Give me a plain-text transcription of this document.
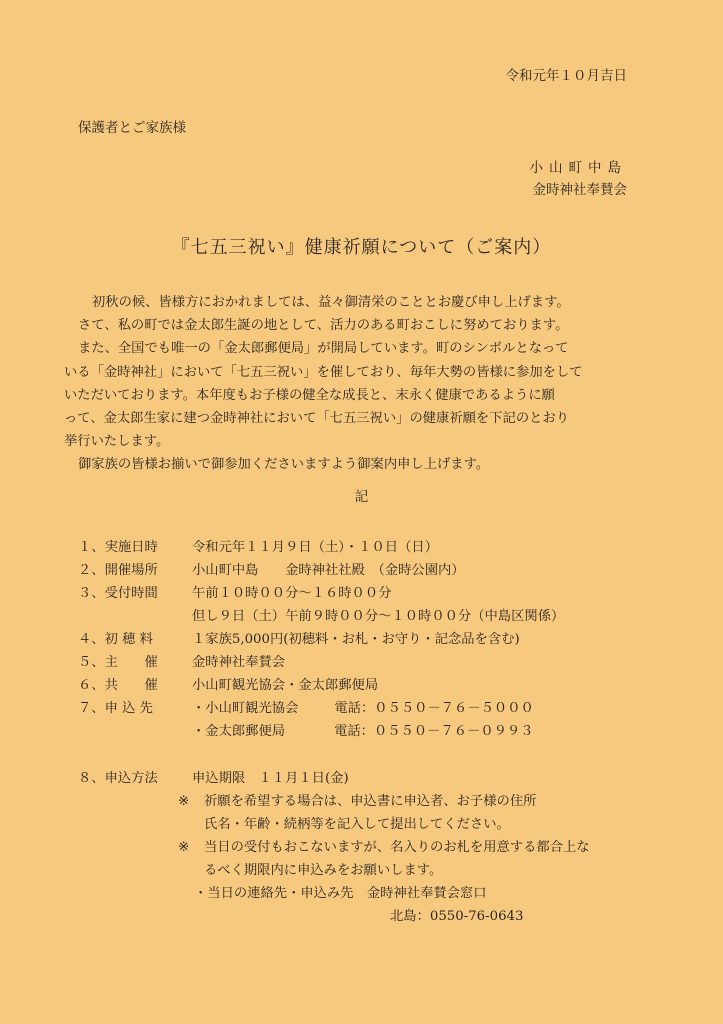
令和元年１０月吉日
保護者とご家族様
小山町中島
金時神社奉賛会
『七五三祝い』健康祈願について（ご案内）

初秋の候、皆様方におかれましては、益々御清栄のこととお慶び申し上げます。

さて、私の町では金太郎生誕の地として、活力のある町おこしに努めております。

また、全国でも唯一の「金太郎郵便局」が開局しています。町のシンボルとなって

いる「金時神社」において「七五三祝い」を催しており、毎年大勢の皆様に参加をして

いただいております。本年度もお子様の健全な成長と、末永く健康であるように願

って、金太郎生家に建つ金時神社において「七五三祝い」の健康祈願を下記のとおり

挙行いたします。

御家族の皆様お揃いで御参加くださいますよう御案内申し上げます。

記
１、実施日時	令和元年１１月９日（土）・１０日（日）
２、開催場所	小山町中島　　金時神社社殿　（金時公園内）
３、受付時間	午前１０時００分～１６時００分
但し９日（土）午前９時００分～１０時００分（中島区関係）
４、初 穂 料	１家族5,000円(初穂料・お札・お守り・記念品を含む)
５、主　　催	金時神社奉賛会
６、共　　催	小山町観光協会・金太郎郵便局
７、申 込 先	・小山町観光協会	電話：０５５０－７６－５０００
・金太郎郵便局	電話：０５５０－７６－０９９３
８、申込方法	申込期限　１１月１日(金)
※	祈願を希望する場合は、申込書に申込者、お子様の住所
氏名・年齢・続柄等を記入して提出してください。
※	当日の受付もおこないますが、名入りのお札を用意する都合上な
るべく期限内に申込みをお願いします。
・当日の連絡先・申込み先　金時神社奉賛会窓口
北島：0550-76-0643
